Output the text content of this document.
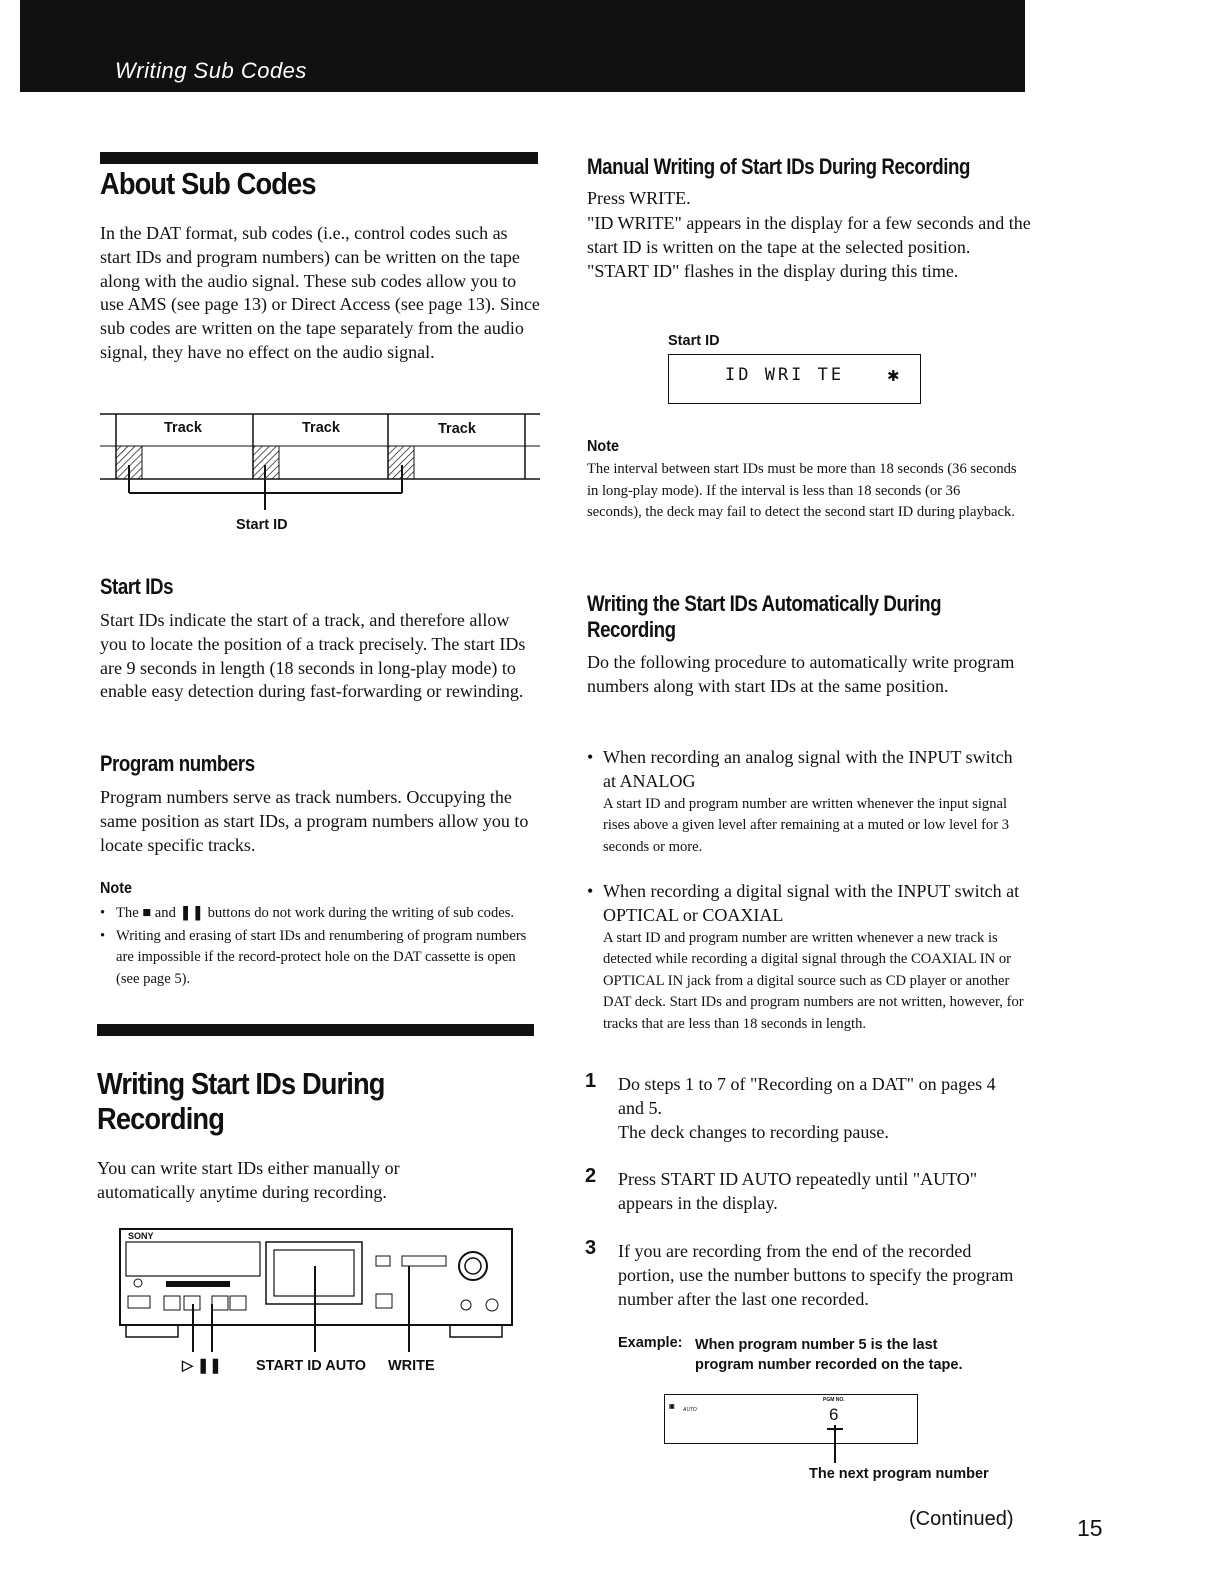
Writing Sub Codes
About Sub Codes
In the DAT format, sub codes (i.e., control codes such as start IDs and program numbers) can be written on the tape along with the audio signal. These sub codes allow you to use AMS (see page 13) or Direct Access (see page 13). Since sub codes are written on the tape separately from the audio signal, they have no effect on the audio signal.
Track	Track	Track
Start ID
Start IDs
Start IDs indicate the start of a track, and therefore allow you to locate the position of a track precisely. The start IDs are 9 seconds in length (18 seconds in long-play mode) to enable easy detection during fast-forwarding or rewinding.
Program numbers
Program numbers serve as track numbers. Occupying the same position as start IDs, a program numbers allow you to locate specific tracks.
Note
• The ■ and ❚❚ buttons do not work during the writing of sub codes.
• Writing and erasing of start IDs and renumbering of program numbers are impossible if the record-protect hole on the DAT cassette is open (see page 5).
Writing Start IDs During
Recording
You can write start IDs either manually or automatically anytime during recording.
SONY
▷ ❚❚ START ID AUTO WRITE
Manual Writing of Start IDs During Recording
Press WRITE.
"ID WRITE" appears in the display for a few seconds and the start ID is written on the tape at the selected position. "START ID" flashes in the display during this time.
Start ID
ID WRI TE	✱
Note
The interval between start IDs must be more than 18 seconds (36 seconds in long-play mode). If the interval is less than 18 seconds (or 36 seconds), the deck may fail to detect the second start ID during playback.
Writing the Start IDs Automatically During
Recording
Do the following procedure to automatically write program numbers along with start IDs at the same position.
• When recording an analog signal with the INPUT switch at ANALOG
A start ID and program number are written whenever the input signal rises above a given level after remaining at a muted or low level for 3 seconds or more.
• When recording a digital signal with the INPUT switch at OPTICAL or COAXIAL
A start ID and program number are written whenever a new track is detected while recording a digital signal through the COAXIAL IN or OPTICAL IN jack from a digital source such as CD player or another DAT deck. Start IDs and program numbers are not written, however, for tracks that are less than 18 seconds in length.
1 Do steps 1 to 7 of "Recording on a DAT" on pages 4 and 5.
The deck changes to recording pause.
2 Press START ID AUTO repeatedly until "AUTO" appears in the display.
3 If you are recording from the end of the recorded portion, use the number buttons to specify the program number after the last one recorded.
Example: When program number 5 is the last program number recorded on the tape.
▣ AUTO
PGM NO.
6
The next program number
(Continued)	15
